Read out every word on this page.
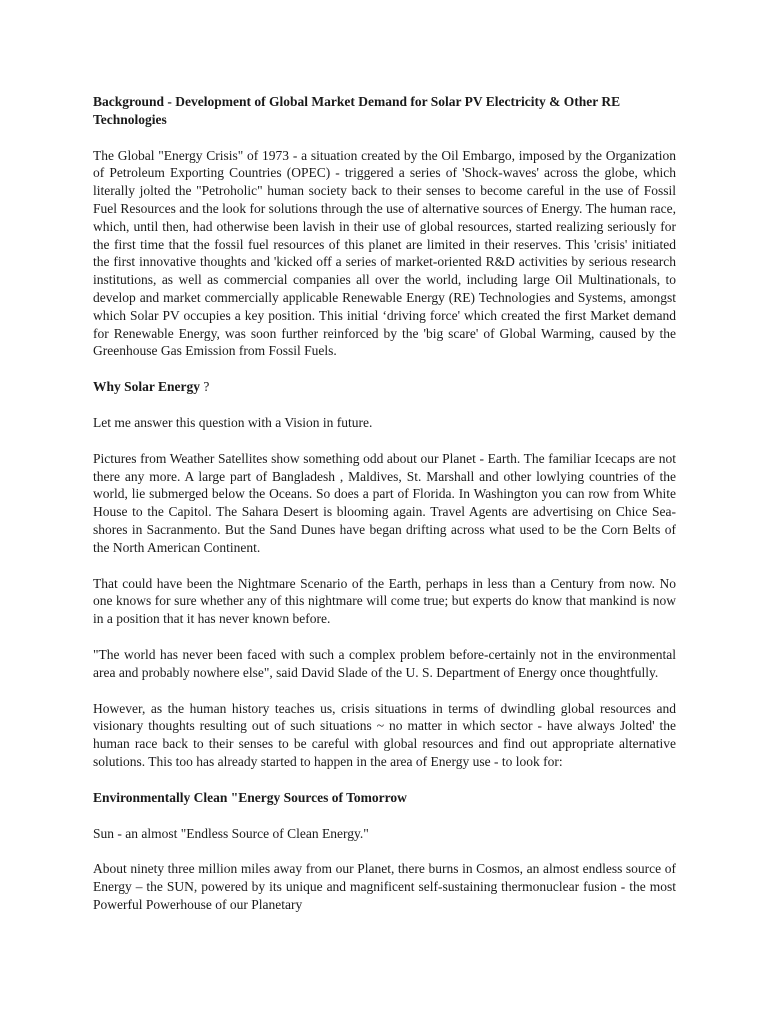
Background - Development of Global Market Demand for Solar PV Electricity & Other RE Technologies
The Global "Energy Crisis" of 1973 - a situation created by the Oil Embargo, imposed by the Organization of Petroleum Exporting Countries (OPEC) - triggered a series of 'Shock-waves' across the globe, which literally jolted the "Petroholic" human society back to their senses to become careful in the use of Fossil Fuel Resources and the look for solutions through the use of alternative sources of Energy. The human race, which, until then, had otherwise been lavish in their use of global resources, started realizing seriously for the first time that the fossil fuel resources of this planet are limited in their reserves. This 'crisis' initiated the first innovative thoughts and 'kicked off a series of market-oriented R&D activities by serious research institutions, as well as commercial companies all over the world, including large Oil Multinationals, to develop and market commercially applicable Renewable Energy (RE) Technologies and Systems, amongst which Solar PV occupies a key position. This initial ‘driving force' which created the first Market demand for Renewable Energy, was soon further reinforced by the 'big scare' of Global Warming, caused by the Greenhouse Gas Emission from Fossil Fuels.
Why Solar Energy ?
Let me answer this question with a Vision in future.
Pictures from Weather Satellites show something odd about our Planet - Earth. The familiar Icecaps are not there any more. A large part of Bangladesh , Maldives, St. Marshall and other lowlying countries of the world, lie submerged below the Oceans. So does a part of Florida. In Washington you can row from White House to the Capitol. The Sahara Desert is blooming again. Travel Agents are advertising on Chice Sea-shores in Sacranmento. But the Sand Dunes have began drifting across what used to be the Corn Belts of the North American Continent.
That could have been the Nightmare Scenario of the Earth, perhaps in less than a Century from now. No one knows for sure whether any of this nightmare will come true; but experts do know that mankind is now in a position that it has never known before.
"The world has never been faced with such a complex problem before-certainly not in the environmental area and probably nowhere else", said David Slade of the U. S. Department of Energy once thoughtfully.
However, as the human history teaches us, crisis situations in terms of dwindling global resources and visionary thoughts resulting out of such situations ~ no matter in which sector - have always Jolted' the human race back to their senses to be careful with global resources and find out appropriate alternative solutions. This too has already started to happen in the area of Energy use - to look for:
Environmentally Clean "Energy Sources of Tomorrow
Sun - an almost "Endless Source of Clean Energy."
About ninety three million miles away from our Planet, there burns in Cosmos, an almost endless source of Energy – the SUN, powered by its unique and magnificent self-sustaining thermonuclear fusion - the most Powerful Powerhouse of our Planetary
